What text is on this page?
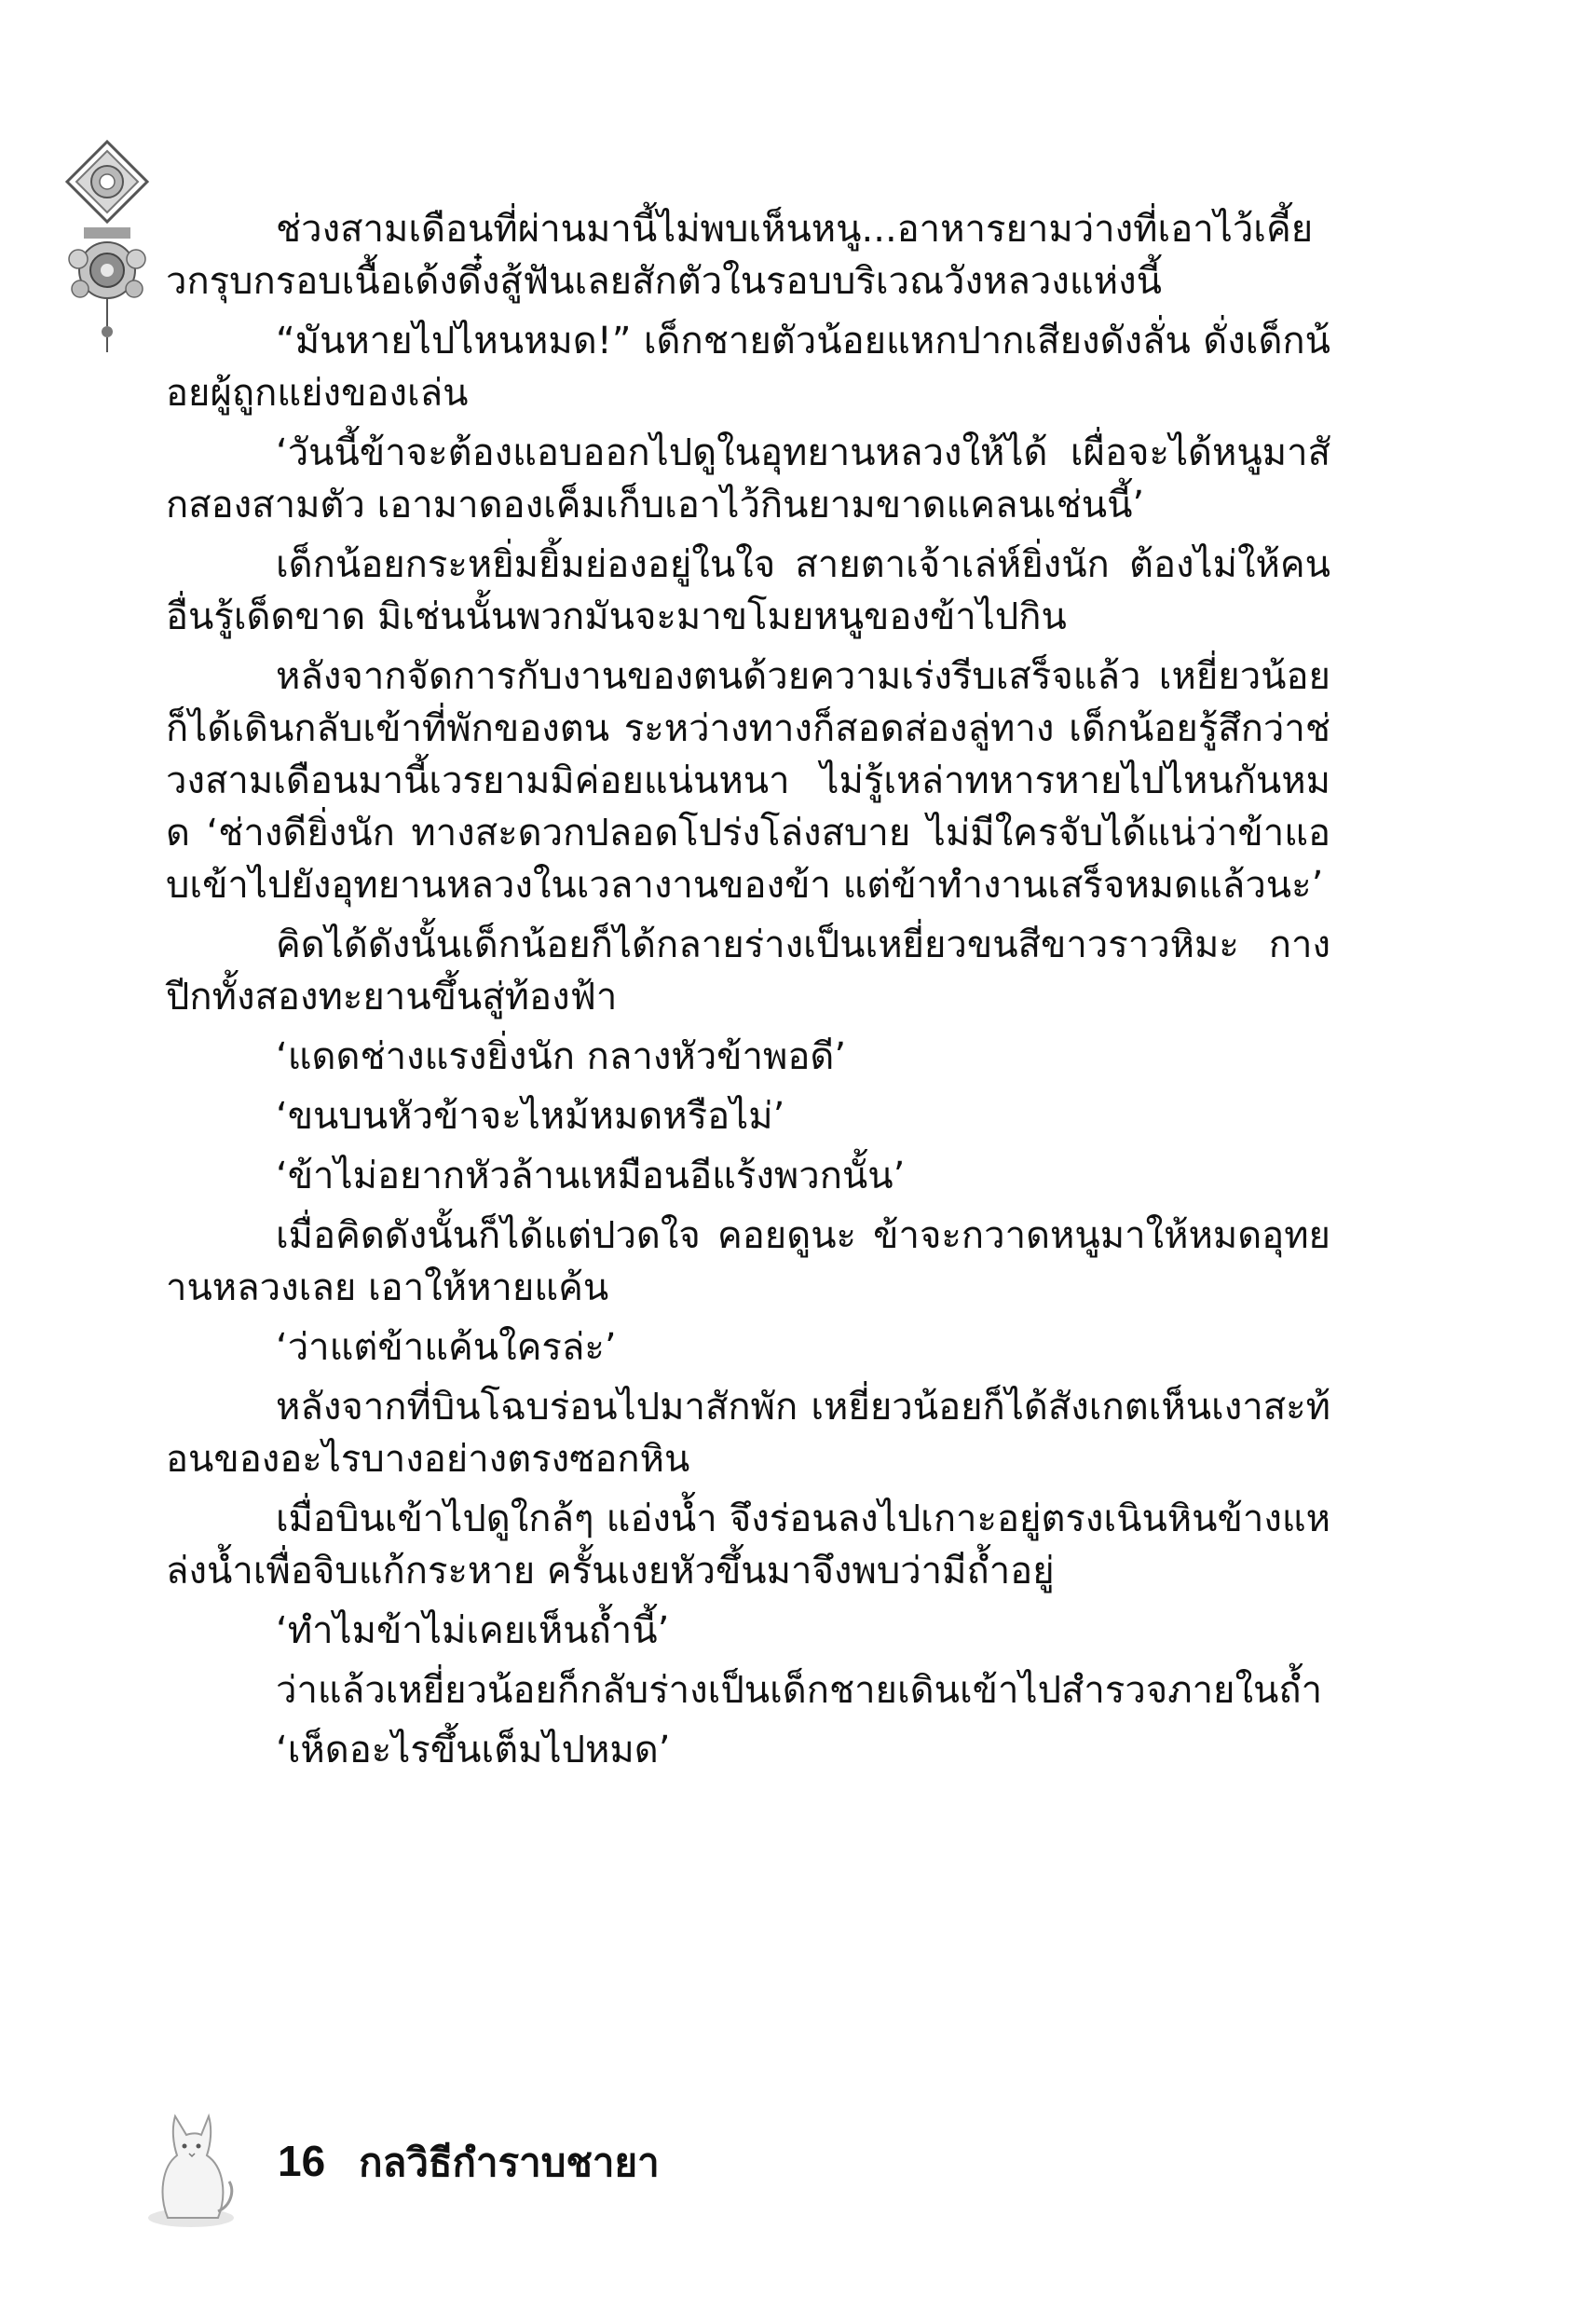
ช่วงสามเดือนที่ผ่านมานี้ไม่พบเห็นหนู...อาหารยามว่างที่เอาไว้เคี้ยวกรุบกรอบเนื้อเด้งดึ๋งสู้ฟันเลยสักตัวในรอบบริเวณวังหลวงแห่งนี้

“มันหายไปไหนหมด!” เด็กชายตัวน้อยแหกปากเสียงดังลั่น ดั่งเด็กน้อยผู้ถูกแย่งของเล่น

‘วันนี้ข้าจะต้องแอบออกไปดูในอุทยานหลวงให้ได้ เผื่อจะได้หนูมาสักสองสามตัว เอามาดองเค็มเก็บเอาไว้กินยามขาดแคลนเช่นนี้’

เด็กน้อยกระหยิ่มยิ้มย่องอยู่ในใจ สายตาเจ้าเล่ห์ยิ่งนัก ต้องไม่ให้คนอื่นรู้เด็ดขาด มิเช่นนั้นพวกมันจะมาขโมยหนูของข้าไปกิน

หลังจากจัดการกับงานของตนด้วยความเร่งรีบเสร็จแล้ว เหยี่ยวน้อยก็ได้เดินกลับเข้าที่พักของตน ระหว่างทางก็สอดส่องลู่ทาง เด็กน้อยรู้สึกว่าช่วงสามเดือนมานี้เวรยามมิค่อยแน่นหนา ไม่รู้เหล่าทหารหายไปไหนกันหมด ‘ช่างดียิ่งนัก ทางสะดวกปลอดโปร่งโล่งสบาย ไม่มีใครจับได้แน่ว่าข้าแอบเข้าไปยังอุทยานหลวงในเวลางานของข้า แต่ข้าทำงานเสร็จหมดแล้วนะ’

คิดได้ดังนั้นเด็กน้อยก็ได้กลายร่างเป็นเหยี่ยวขนสีขาวราวหิมะ กางปีกทั้งสองทะยานขึ้นสู่ท้องฟ้า

‘แดดช่างแรงยิ่งนัก กลางหัวข้าพอดี’

‘ขนบนหัวข้าจะไหม้หมดหรือไม่’

‘ข้าไม่อยากหัวล้านเหมือนอีแร้งพวกนั้น’

เมื่อคิดดังนั้นก็ได้แต่ปวดใจ คอยดูนะ ข้าจะกวาดหนูมาให้หมดอุทยานหลวงเลย เอาให้หายแค้น

‘ว่าแต่ข้าแค้นใครล่ะ’

หลังจากที่บินโฉบร่อนไปมาสักพัก เหยี่ยวน้อยก็ได้สังเกตเห็นเงาสะท้อนของอะไรบางอย่างตรงซอกหิน

เมื่อบินเข้าไปดูใกล้ๆ แอ่งน้ำ จึงร่อนลงไปเกาะอยู่ตรงเนินหินข้างแหล่งน้ำเพื่อจิบแก้กระหาย ครั้นเงยหัวขึ้นมาจึงพบว่ามีถ้ำอยู่

‘ทำไมข้าไม่เคยเห็นถ้ำนี้’

ว่าแล้วเหยี่ยวน้อยก็กลับร่างเป็นเด็กชายเดินเข้าไปสำรวจภายในถ้ำ

‘เห็ดอะไรขึ้นเต็มไปหมด’

16 กลวิธีกำราบชายา
